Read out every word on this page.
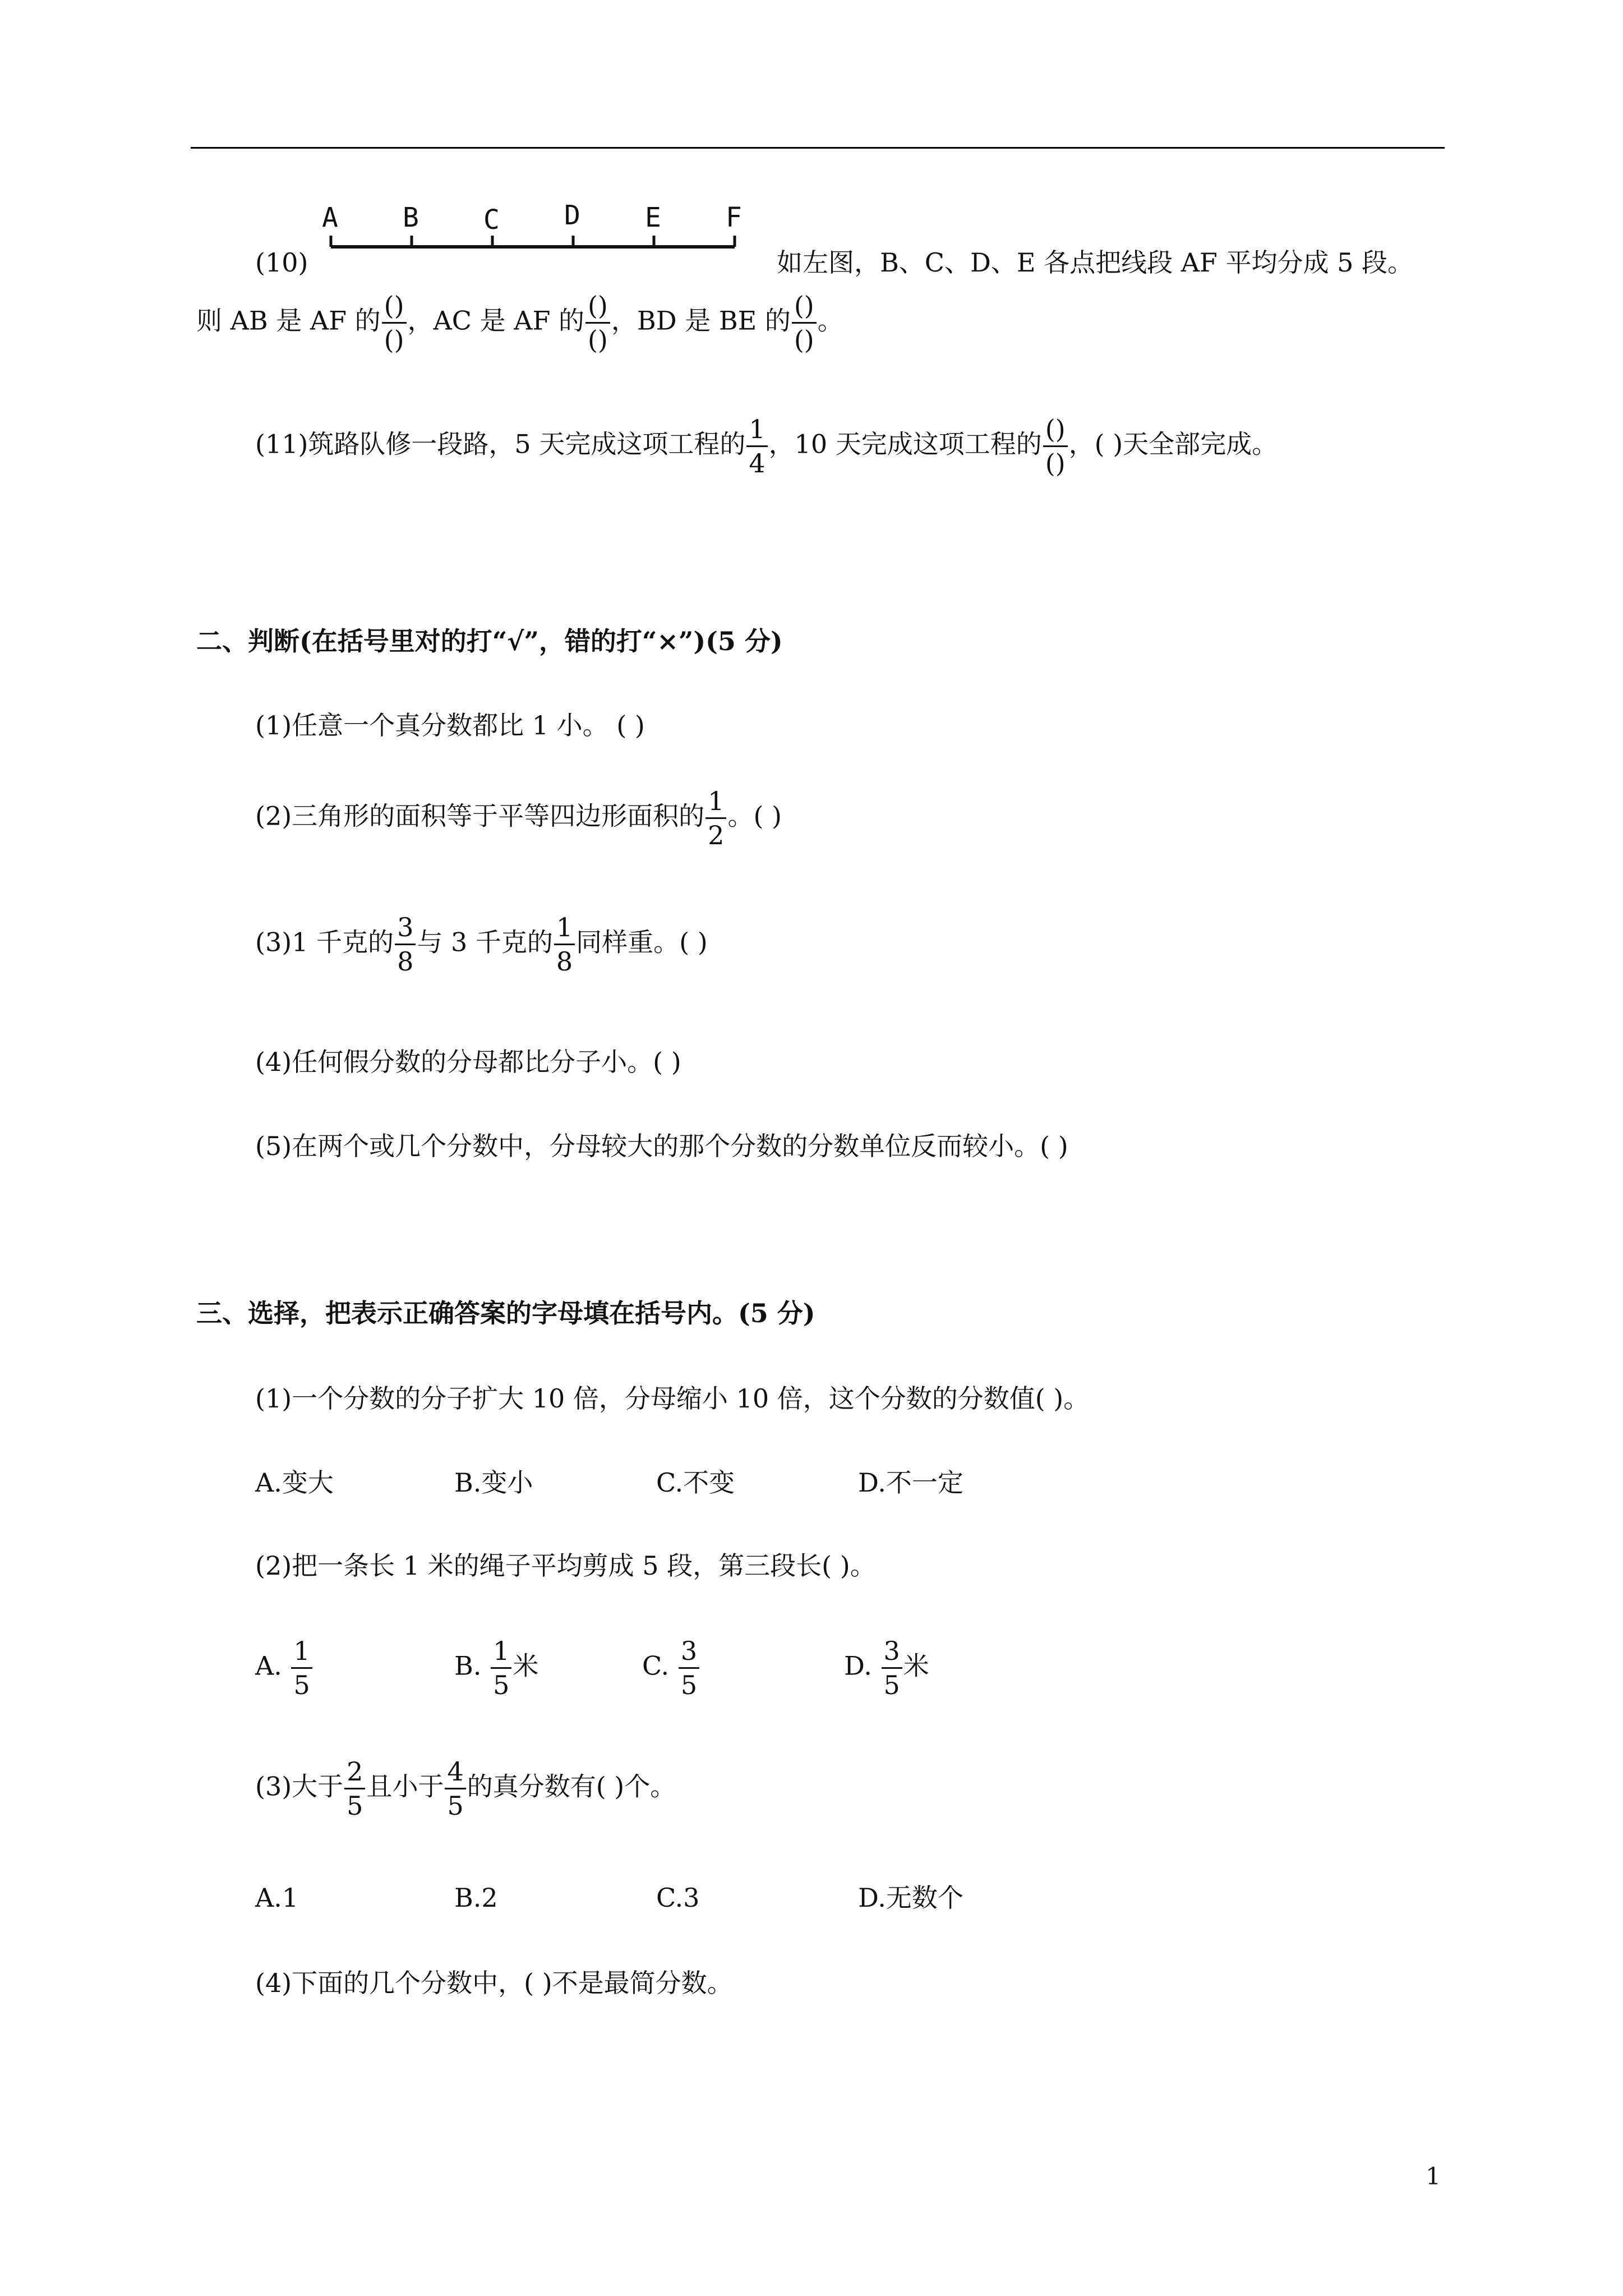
(10)
A B C D E F
如左图，B、C、D、E 各点把线段 AF 平均分成 5 段。
则 AB 是 AF 的 $\frac{()}{()}$ ，AC 是 AF 的 $\frac{()}{()}$ ，BD 是 BE 的 $\frac{()}{()}$ 。
(11)筑路队修一段路，5 天完成这项工程的 $\frac{1}{4}$ ，10 天完成这项工程的 $\frac{()}{()}$ ，( )天全部完成。
二、判断(在括号里对的打“√”，错的打“×”)(5 分)
(1)任意一个真分数都比 1 小。 ( )
(2)三角形的面积等于平等四边形面积的 $\frac{1}{2}$ 。( )
(3)1 千克的 $\frac{3}{8}$ 与 3 千克的 $\frac{1}{8}$ 同样重。( )
(4)任何假分数的分母都比分子小。( )
(5)在两个或几个分数中，分母较大的那个分数的分数单位反而较小。( )
三、选择，把表示正确答案的字母填在括号内。(5 分)
(1)一个分数的分子扩大 10 倍，分母缩小 10 倍，这个分数的分数值( )。
A.变大	B.变小	C.不变	D.不一定
(2)把一条长 1 米的绳子平均剪成 5 段，第三段长( )。
A. $\frac{1}{5}$	B. $\frac{1}{5}$ 米	C. $\frac{3}{5}$	D. $\frac{3}{5}$ 米
(3)大于 $\frac{2}{5}$ 且小于 $\frac{4}{5}$ 的真分数有( )个。
A.1	B.2	C.3	D.无数个
(4)下面的几个分数中，( )不是最简分数。
1
